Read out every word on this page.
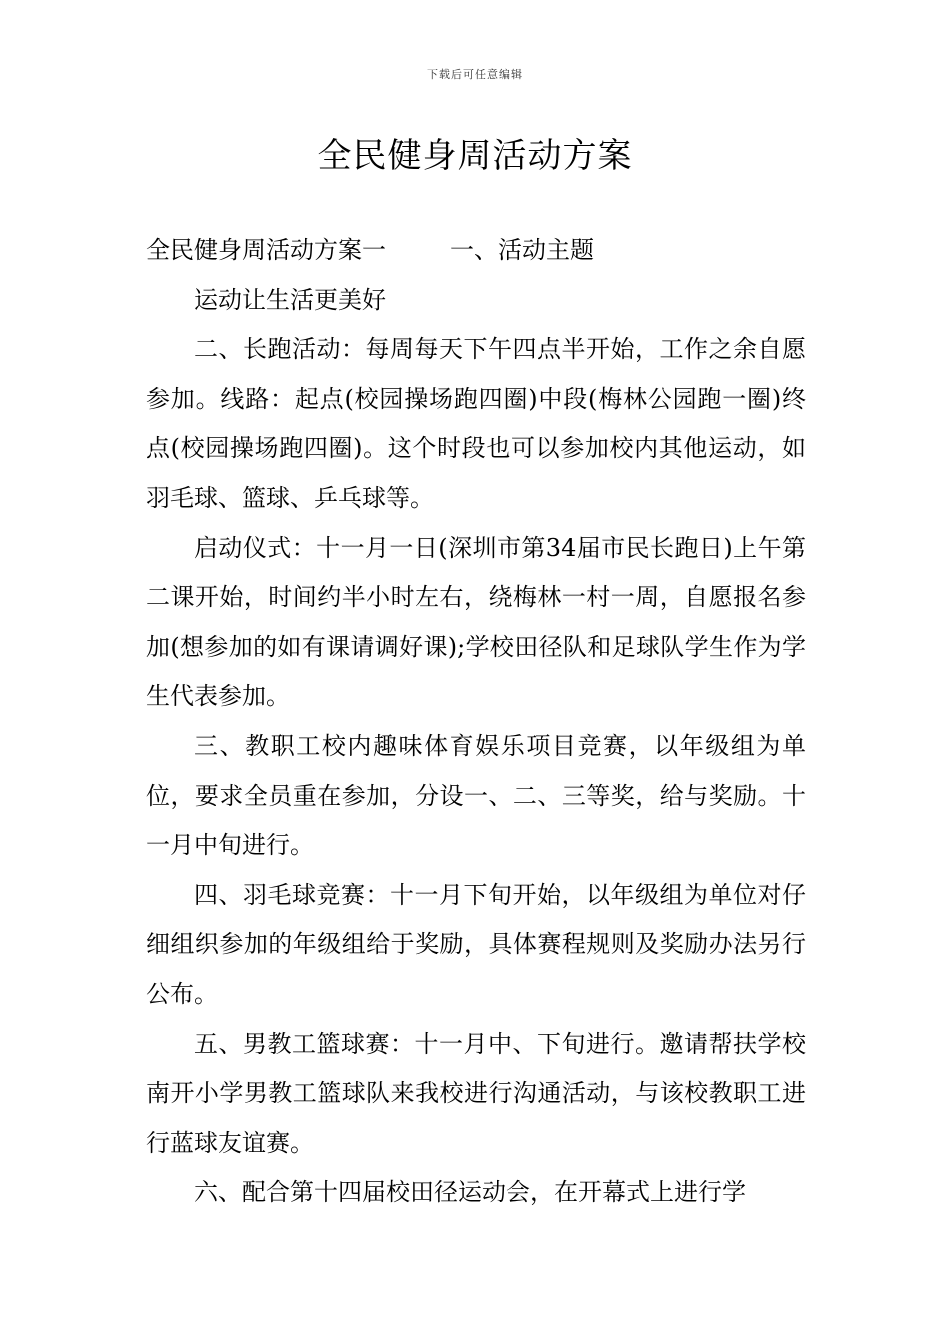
下载后可任意编辑
全民健身周活动方案

全民健身周活动方案一	一、活动主题

运动让生活更美好

二、长跑活动：每周每天下午四点半开始，工作之余自愿参加。线路：起点(校园操场跑四圈)中段(梅林公园跑一圈)终点(校园操场跑四圈)。这个时段也可以参加校内其他运动，如羽毛球、篮球、乒乓球等。

启动仪式：十一月一日(深圳市第34届市民长跑日)上午第二课开始，时间约半小时左右，绕梅林一村一周，自愿报名参加(想参加的如有课请调好课);学校田径队和足球队学生作为学生代表参加。

三、教职工校内趣味体育娱乐项目竞赛，以年级组为单位，要求全员重在参加，分设一、二、三等奖，给与奖励。十一月中旬进行。

四、羽毛球竞赛：十一月下旬开始，以年级组为单位对仔细组织参加的年级组给于奖励，具体赛程规则及奖励办法另行公布。

五、男教工篮球赛：十一月中、下旬进行。邀请帮扶学校南开小学男教工篮球队来我校进行沟通活动，与该校教职工进行蓝球友谊赛。

六、配合第十四届校田径运动会，在开幕式上进行学
